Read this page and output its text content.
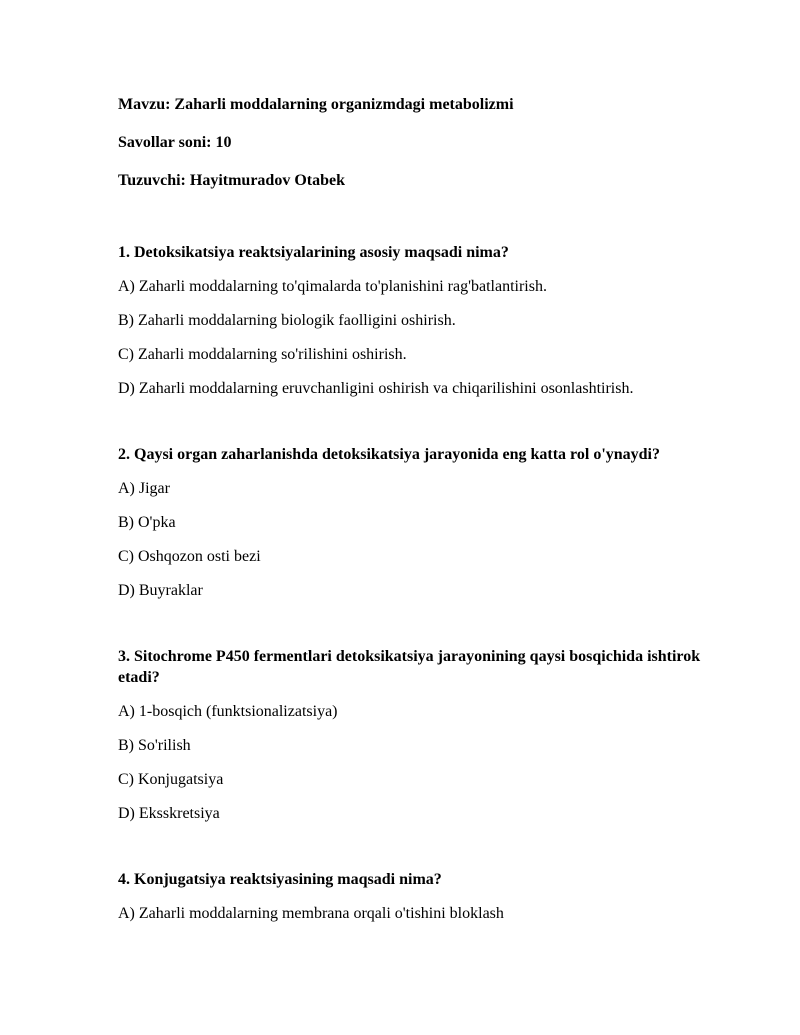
Mavzu: Zaharli moddalarning organizmdagi metabolizmi

Savollar soni: 10

Tuzuvchi: Hayitmuradov Otabek

1. Detoksikatsiya reaktsiyalarining asosiy maqsadi nima?

A) Zaharli moddalarning to'qimalarda to'planishini rag'batlantirish.

B) Zaharli moddalarning biologik faolligini oshirish.

C) Zaharli moddalarning so'rilishini oshirish.

D) Zaharli moddalarning eruvchanligini oshirish va chiqarilishini osonlashtirish.

2. Qaysi organ zaharlanishda detoksikatsiya jarayonida eng katta rol o'ynaydi?

A) Jigar

B) O'pka

C) Oshqozon osti bezi

D) Buyraklar

3. Sitochrome P450 fermentlari detoksikatsiya jarayonining qaysi bosqichida ishtirok etadi?

A) 1-bosqich (funktsionalizatsiya)

B) So'rilish

C) Konjugatsiya

D) Eksskretsiya

4. Konjugatsiya reaktsiyasining maqsadi nima?

A) Zaharli moddalarning membrana orqali o'tishini bloklash
